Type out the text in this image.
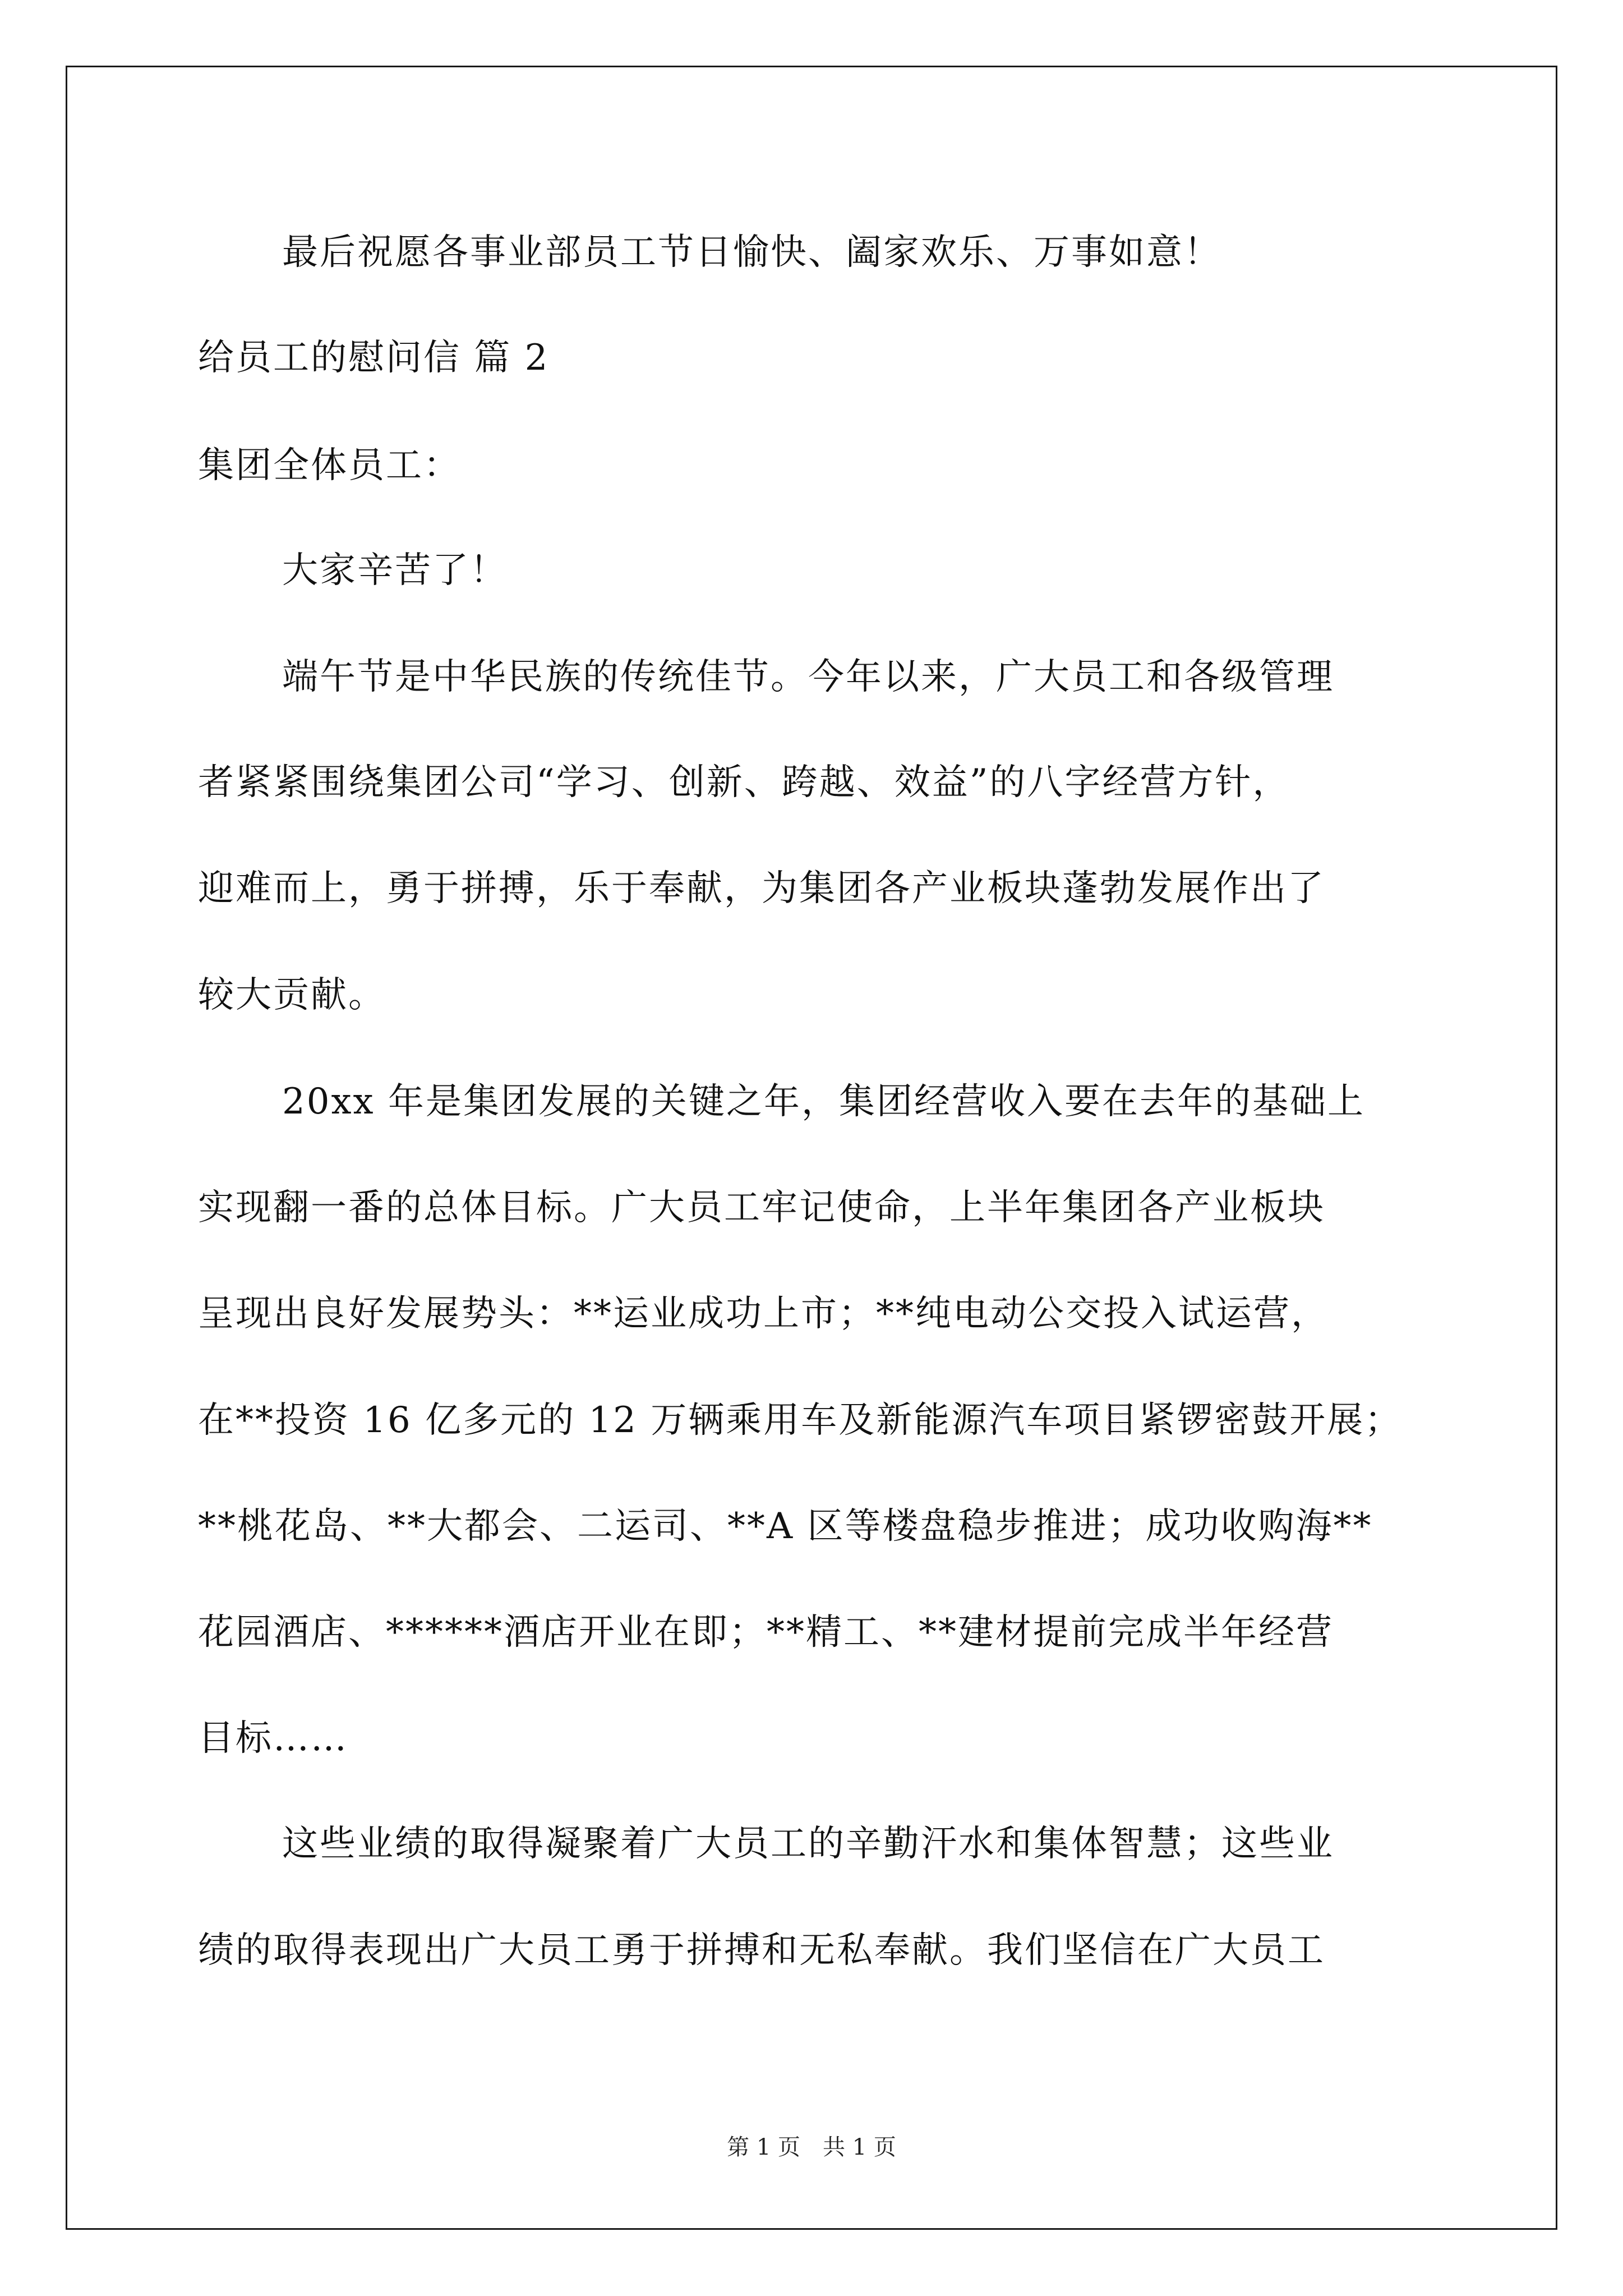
最后祝愿各事业部员工节日愉快、阖家欢乐、万事如意！
给员工的慰问信 篇 2
集团全体员工：
大家辛苦了！
端午节是中华民族的传统佳节。今年以来，广大员工和各级管理
者紧紧围绕集团公司“学习、创新、跨越、效益”的八字经营方针，
迎难而上，勇于拼搏，乐于奉献，为集团各产业板块蓬勃发展作出了
较大贡献。
20xx 年是集团发展的关键之年，集团经营收入要在去年的基础上
实现翻一番的总体目标。广大员工牢记使命，上半年集团各产业板块
呈现出良好发展势头：**运业成功上市；**纯电动公交投入试运营，
在**投资 16 亿多元的 12 万辆乘用车及新能源汽车项目紧锣密鼓开展；
**桃花岛、**大都会、二运司、**A 区等楼盘稳步推进；成功收购海**
花园酒店、******酒店开业在即；**精工、**建材提前完成半年经营
目标……
这些业绩的取得凝聚着广大员工的辛勤汗水和集体智慧；这些业
绩的取得表现出广大员工勇于拼搏和无私奉献。我们坚信在广大员工
第 1 页　共 1 页
